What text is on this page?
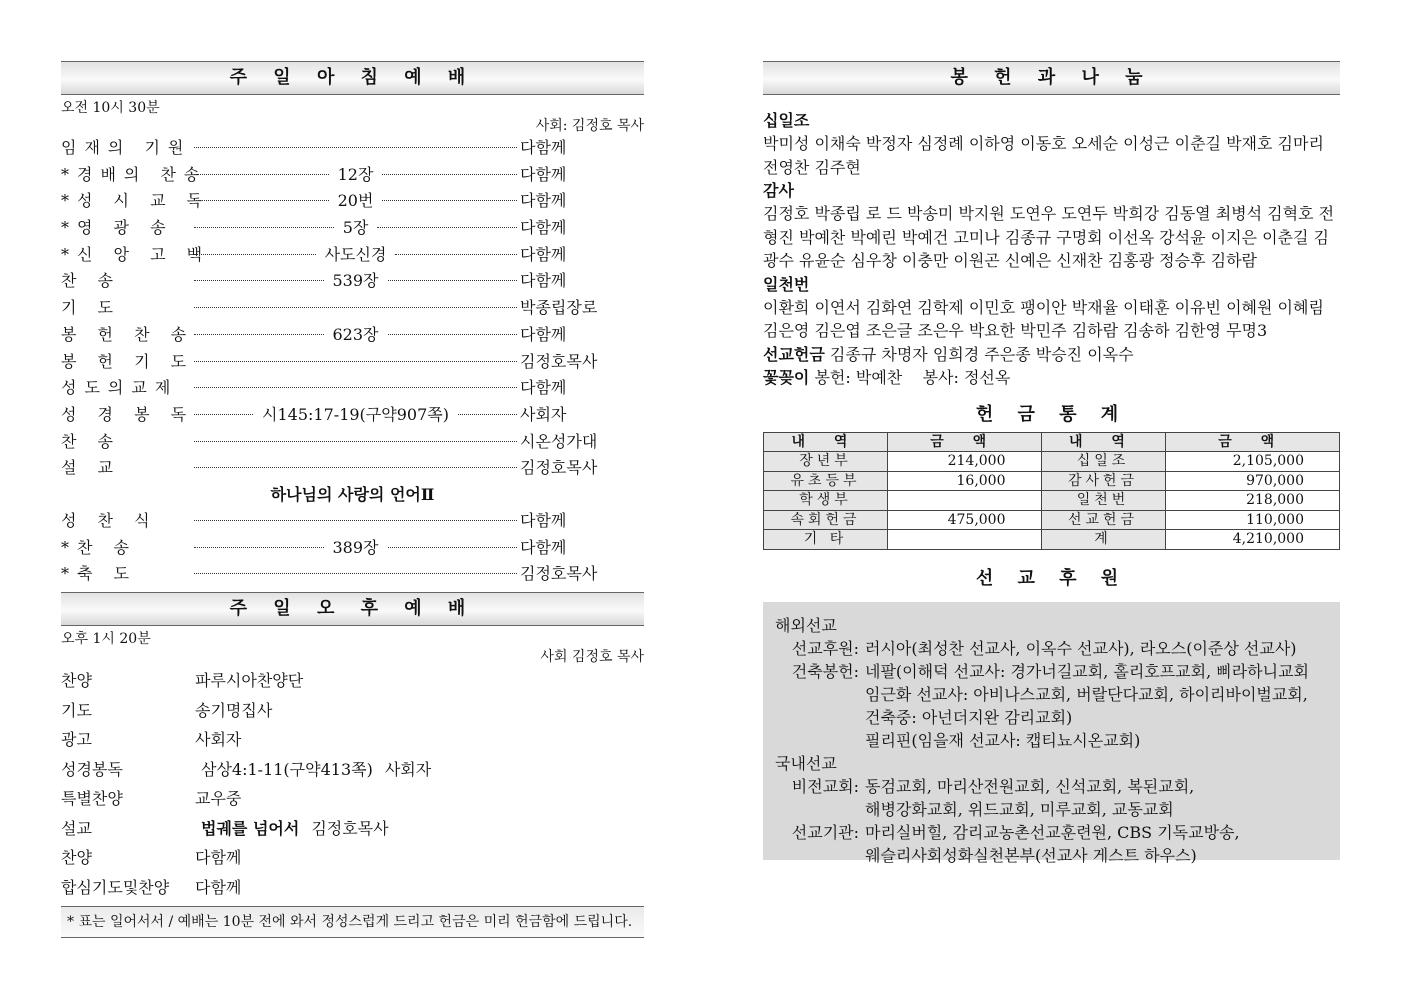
주 일 아 침 예 배
오전 10시 30분
사회: 김정호 목사
임재의 기원	다함께
*경배의 찬송	12장	다함께
*성 시 교 독	20번	다함께
*영 광 송	5장	다함께
*신 앙 고 백	사도신경	다함께
찬 송	539장	다함께
기 도	박종립장로
봉 헌 찬 송	623장	다함께
봉 헌 기 도	김정호목사
성도의교제	다함께
성 경 봉 독	시145:17-19(구약907쪽)	사회자
찬 송	시온성가대
설 교	김정호목사
하나님의 사랑의 언어Ⅱ
성 찬 식	다함께
*찬 송	389장	다함께
*축 도	김정호목사
주 일 오 후 예 배
오후 1시 20분
사회 김정호 목사
찬양	파루시아찬양단
기도	송기명집사
광고	사회자
성경봉독	삼상4:1-11(구약413쪽) 사회자
특별찬양	교우중
설교	법궤를 넘어서 김정호목사
찬양	다함께
합심기도및찬양	다함께
* 표는 일어서서 / 예배는 10분 전에 와서 정성스럽게 드리고 헌금은 미리 헌금함에 드립니다.
봉 헌 과 나 눔
십일조
박미성 이채숙 박정자 심정례 이하영 이동호 오세순 이성근 이춘길 박재호 김마리 전영찬 김주현
감사
김정호 박종립 로 드 박송미 박지원 도연우 도연두 박희강 김동열 최병석 김혁호 전형진 박예찬 박예린 박예건 고미나 김종규 구명회 이선옥 강석윤 이지은 이춘길 김광수 유윤순 심우창 이충만 이원곤 신예은 신재찬 김홍광 정승후 김하람
일천번
이환희 이연서 김화연 김학제 이민호 팽이안 박재율 이태훈 이유빈 이혜원 이혜림 김은영 김은엽 조은글 조은우 박요한 박민주 김하람 김송하 김한영 무명3
선교헌금 김종규 차명자 임희경 주은종 박승진 이옥수
꽃꽂이 봉헌: 박예찬    봉사: 정선옥
헌 금 통 계
내 역	금 액	내 역	금 액
장년부	214,000	십일조	2,105,000
유초등부	16,000	감사헌금	970,000
학생부		일천번	218,000
속회헌금	475,000	선교헌금	110,000
기 타		계	4,210,000
선 교 후 원
해외선교
선교후원: 러시아(최성찬 선교사, 이옥수 선교사), 라오스(이준상 선교사)
건축봉헌: 네팔(이해덕 선교사: 경가너길교회, 홀리호프교회, 삐라하니교회
임근화 선교사: 아비나스교회, 버랄단다교회, 하이리바이벌교회,
건축중: 아넌더지완 감리교회)
필리핀(임을재 선교사: 캡티뇨시온교회)
국내선교
비전교회: 동검교회, 마리산전원교회, 신석교회, 복된교회,
해병강화교회, 위드교회, 미루교회, 교동교회
선교기관: 마리실버힐, 감리교농촌선교훈련원, CBS 기독교방송,
웨슬리사회성화실천본부(선교사 게스트 하우스)
